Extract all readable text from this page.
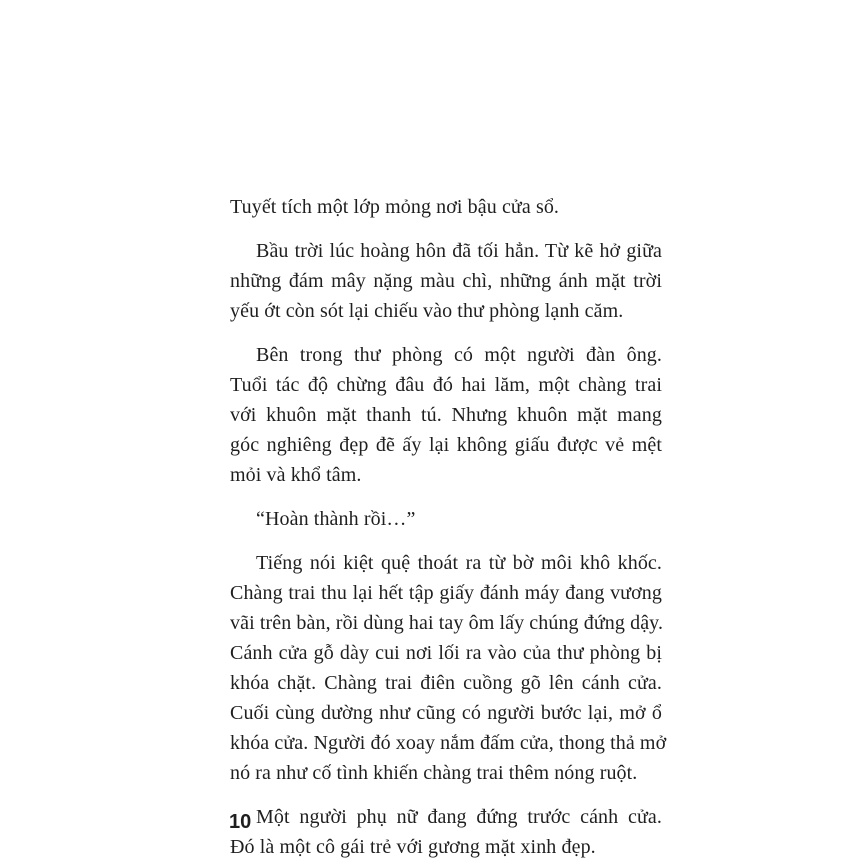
Tuyết tích một lớp mỏng nơi bậu cửa sổ.
Bầu trời lúc hoàng hôn đã tối hẳn. Từ kẽ hở giữa
những đám mây nặng màu chì, những ánh mặt trời
yếu ớt còn sót lại chiếu vào thư phòng lạnh căm.
Bên trong thư phòng có một người đàn ông.
Tuổi tác độ chừng đâu đó hai lăm, một chàng trai
với khuôn mặt thanh tú. Nhưng khuôn mặt mang
góc nghiêng đẹp đẽ ấy lại không giấu được vẻ mệt
mỏi và khổ tâm.
“Hoàn thành rồi…”
Tiếng nói kiệt quệ thoát ra từ bờ môi khô khốc.
Chàng trai thu lại hết tập giấy đánh máy đang vương
vãi trên bàn, rồi dùng hai tay ôm lấy chúng đứng dậy.
Cánh cửa gỗ dày cui nơi lối ra vào của thư phòng bị
khóa chặt. Chàng trai điên cuồng gõ lên cánh cửa.
Cuối cùng dường như cũng có người bước lại, mở ổ
khóa cửa. Người đó xoay nắm đấm cửa, thong thả mở
nó ra như cố tình khiến chàng trai thêm nóng ruột.
Một người phụ nữ đang đứng trước cánh cửa.
Đó là một cô gái trẻ với gương mặt xinh đẹp.
10
